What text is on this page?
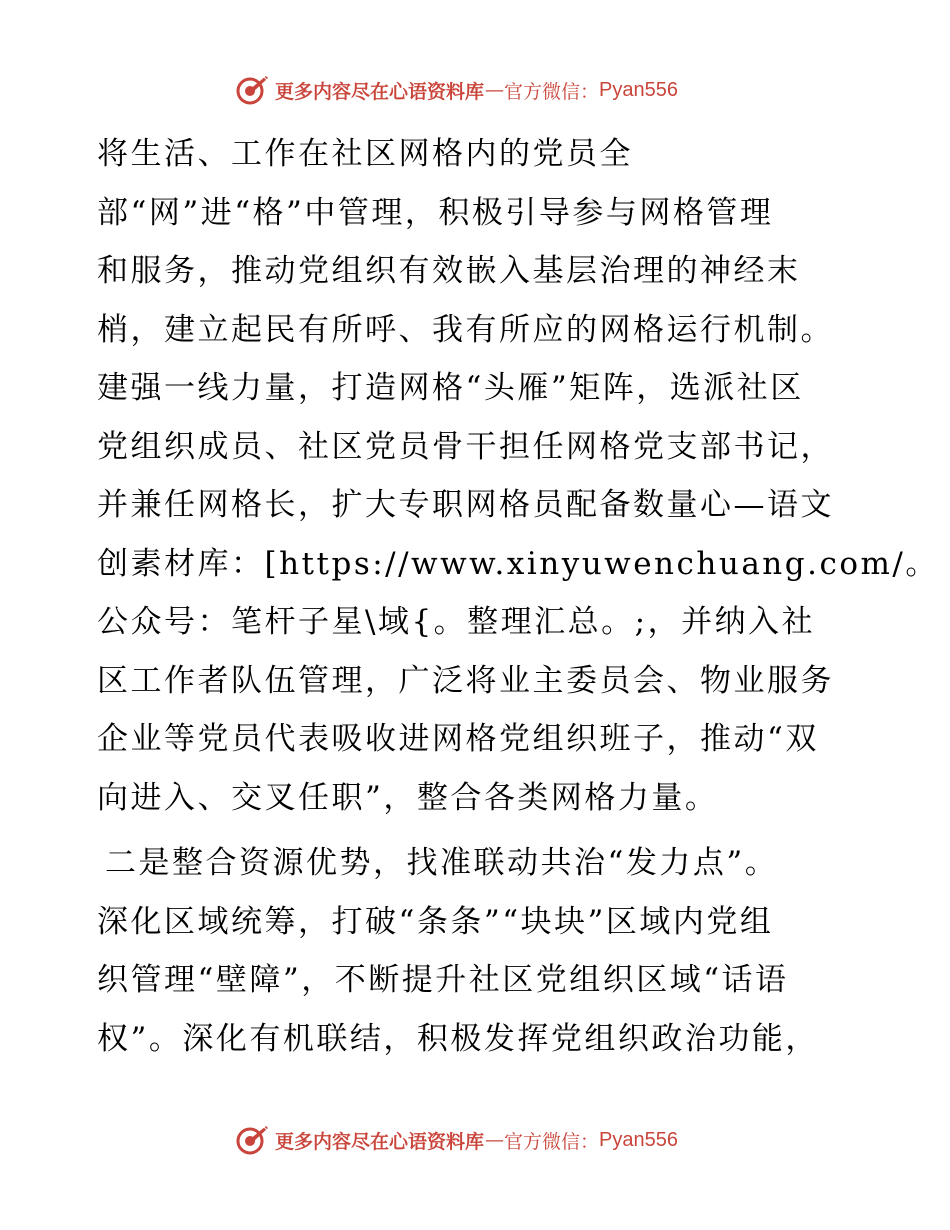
更多内容尽在心语资料库 — 官方微信： Pyan556
将生活、工作在社区网格内的党员全
部“网”进“格”中管理，积极引导参与网格管理
和服务，推动党组织有效嵌入基层治理的神经末
梢，建立起民有所呼、我有所应的网格运行机制。
建强一线力量，打造网格“头雁”矩阵，选派社区
党组织成员、社区党员骨干担任网格党支部书记，
并兼任网格长，扩大专职网格员配备数量心—语文
创素材库：[https://www.xinyuwenchuang.com/。
公众号：笔杆子星\域{。整理汇总。;，并纳入社
区工作者队伍管理，广泛将业主委员会、物业服务
企业等党员代表吸收进网格党组织班子，推动“双
向进入、交叉任职”，整合各类网格力量。
二是整合资源优势，找准联动共治“发力点”。
深化区域统筹，打破“条条”“块块”区域内党组
织管理“壁障”，不断提升社区党组织区域“话语
权”。深化有机联结，积极发挥党组织政治功能，
更多内容尽在心语资料库 — 官方微信： Pyan556
